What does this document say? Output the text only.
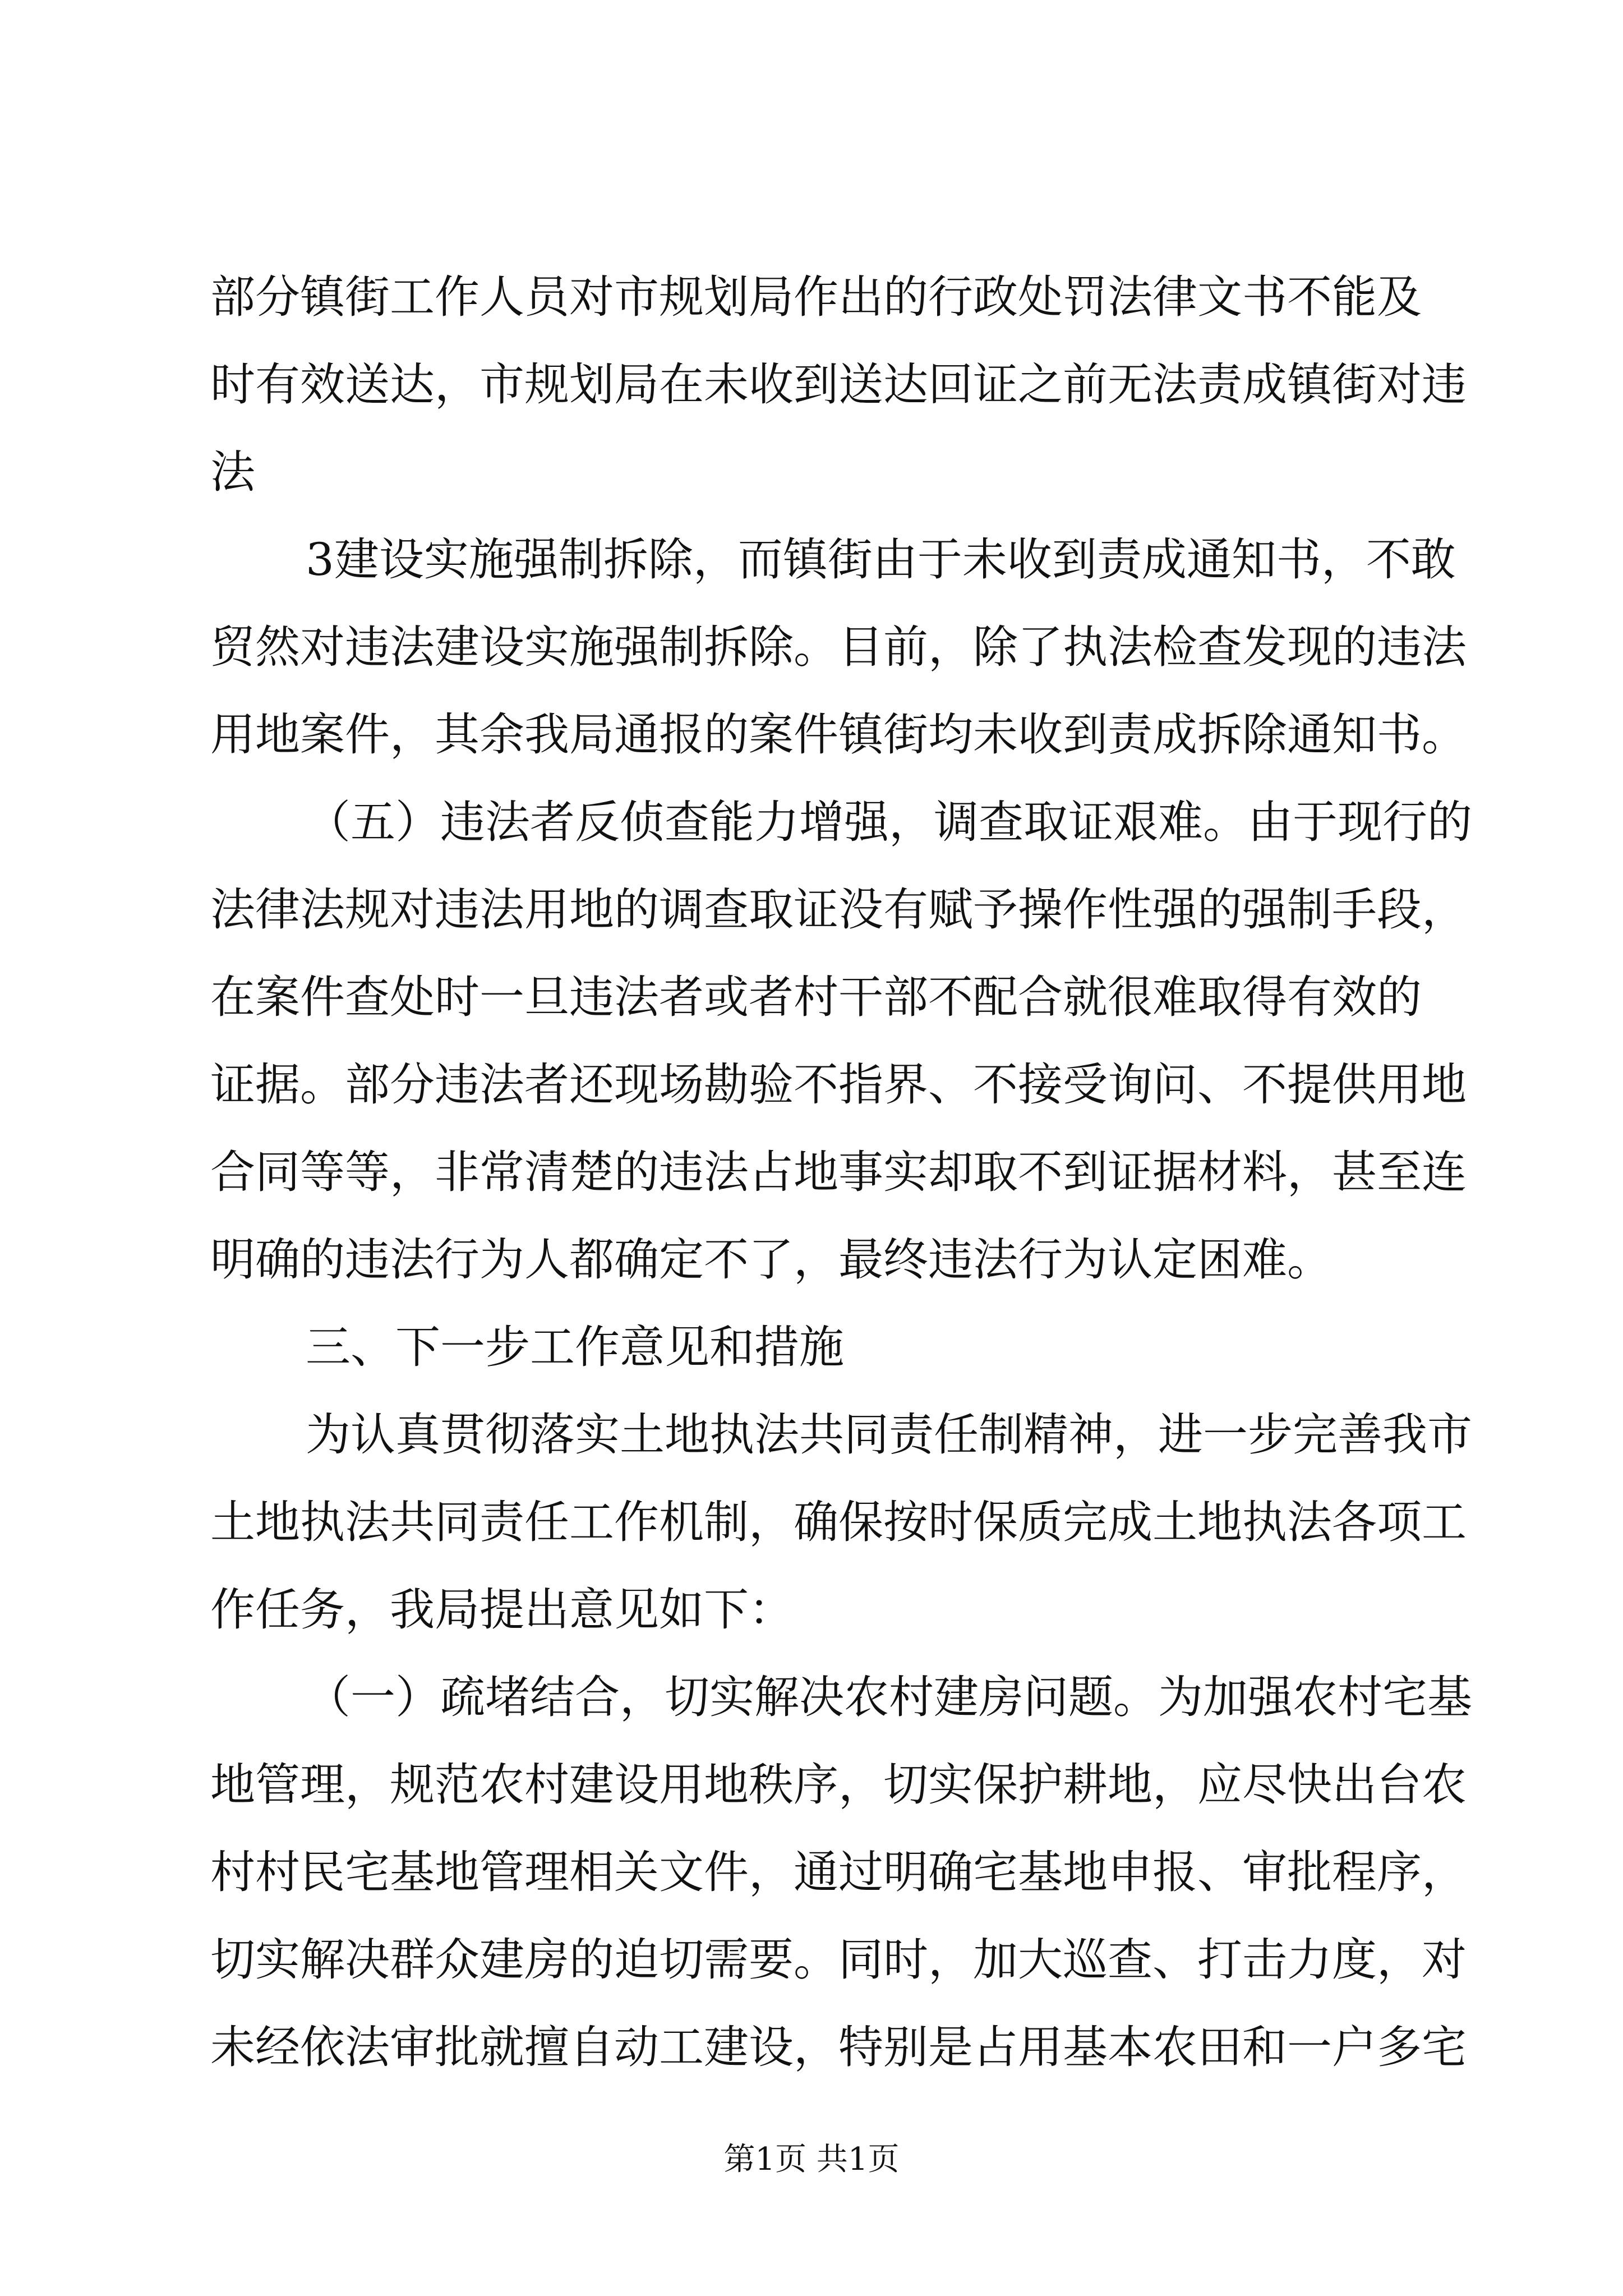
部分镇街工作人员对市规划局作出的行政处罚法律文书不能及
时有效送达，市规划局在未收到送达回证之前无法责成镇街对违
法
3建设实施强制拆除，而镇街由于未收到责成通知书，不敢
贸然对违法建设实施强制拆除。目前，除了执法检查发现的违法
用地案件，其余我局通报的案件镇街均未收到责成拆除通知书。
（五）违法者反侦查能力增强，调查取证艰难。由于现行的
法律法规对违法用地的调查取证没有赋予操作性强的强制手段，
在案件查处时一旦违法者或者村干部不配合就很难取得有效的
证据。部分违法者还现场勘验不指界、不接受询问、不提供用地
合同等等，非常清楚的违法占地事实却取不到证据材料，甚至连
明确的违法行为人都确定不了，最终违法行为认定困难。
三、下一步工作意见和措施
为认真贯彻落实土地执法共同责任制精神，进一步完善我市
土地执法共同责任工作机制，确保按时保质完成土地执法各项工
作任务，我局提出意见如下：
（一）疏堵结合，切实解决农村建房问题。为加强农村宅基
地管理，规范农村建设用地秩序，切实保护耕地，应尽快出台农
村村民宅基地管理相关文件，通过明确宅基地申报、审批程序，
切实解决群众建房的迫切需要。同时，加大巡查、打击力度，对
未经依法审批就擅自动工建设，特别是占用基本农田和一户多宅
第1页 共1页
